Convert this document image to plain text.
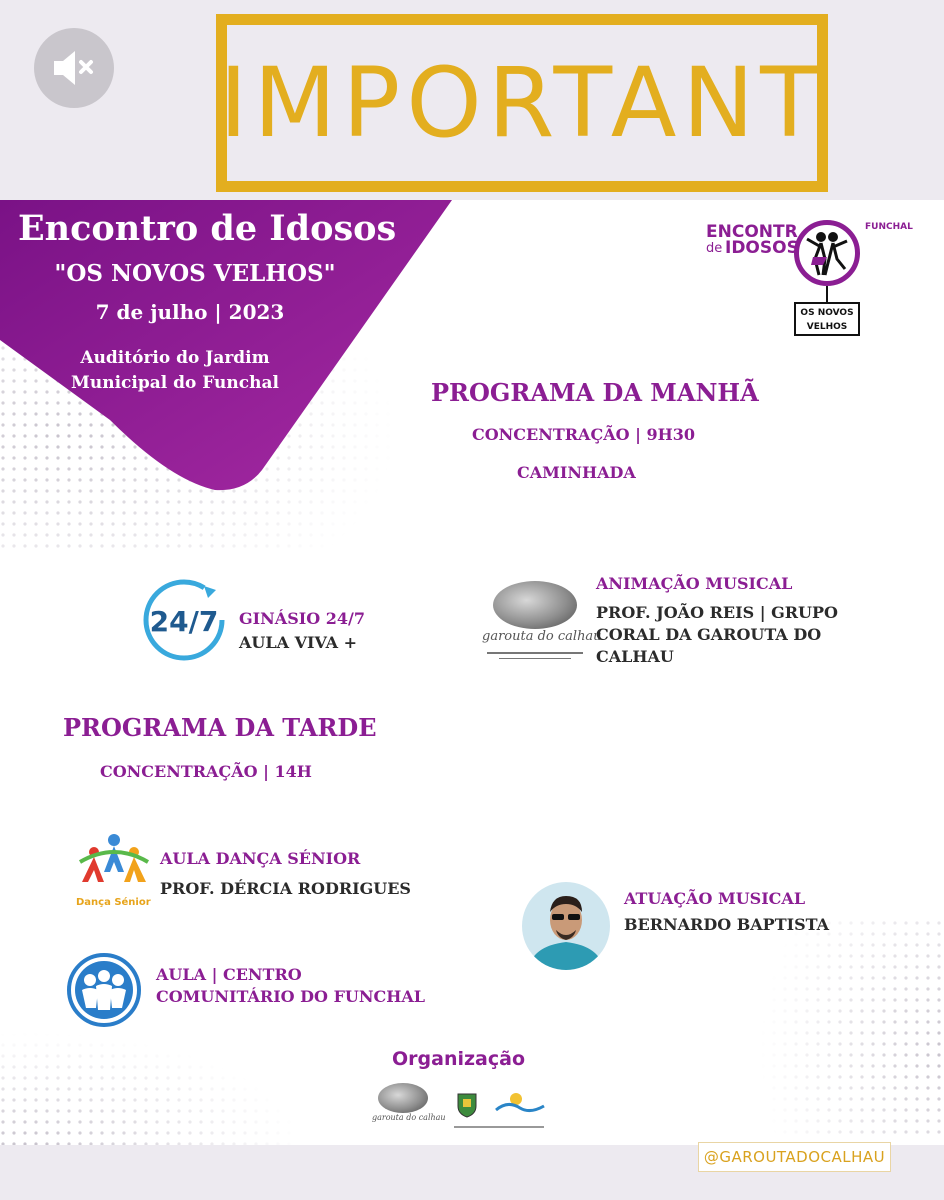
IMPORTANT
Encontro de Idosos
"OS NOVOS VELHOS"
7 de julho | 2023
Auditório do Jardim
Municipal do Funchal
ENCONTR
de IDOSOS
FUNCHAL
OS NOVOS
VELHOS
PROGRAMA DA MANHÃ
CONCENTRAÇÃO | 9H30
CAMINHADA
24/7 GINÁSIO 24/7
AULA VIVA +	garouta do calhau
ANIMAÇÃO MUSICAL
PROF. JOÃO REIS | GRUPO
CORAL DA GAROUTA DO
CALHAU
PROGRAMA DA TARDE
CONCENTRAÇÃO | 14H
Dança Sénior
AULA DANÇA SÉNIOR
PROF. DÉRCIA RODRIGUES
AULA | CENTRO
COMUNITÁRIO DO FUNCHAL
ATUAÇÃO MUSICAL
BERNARDO BAPTISTA
Organização
garouta do calhau
@GAROUTADOCALHAU
